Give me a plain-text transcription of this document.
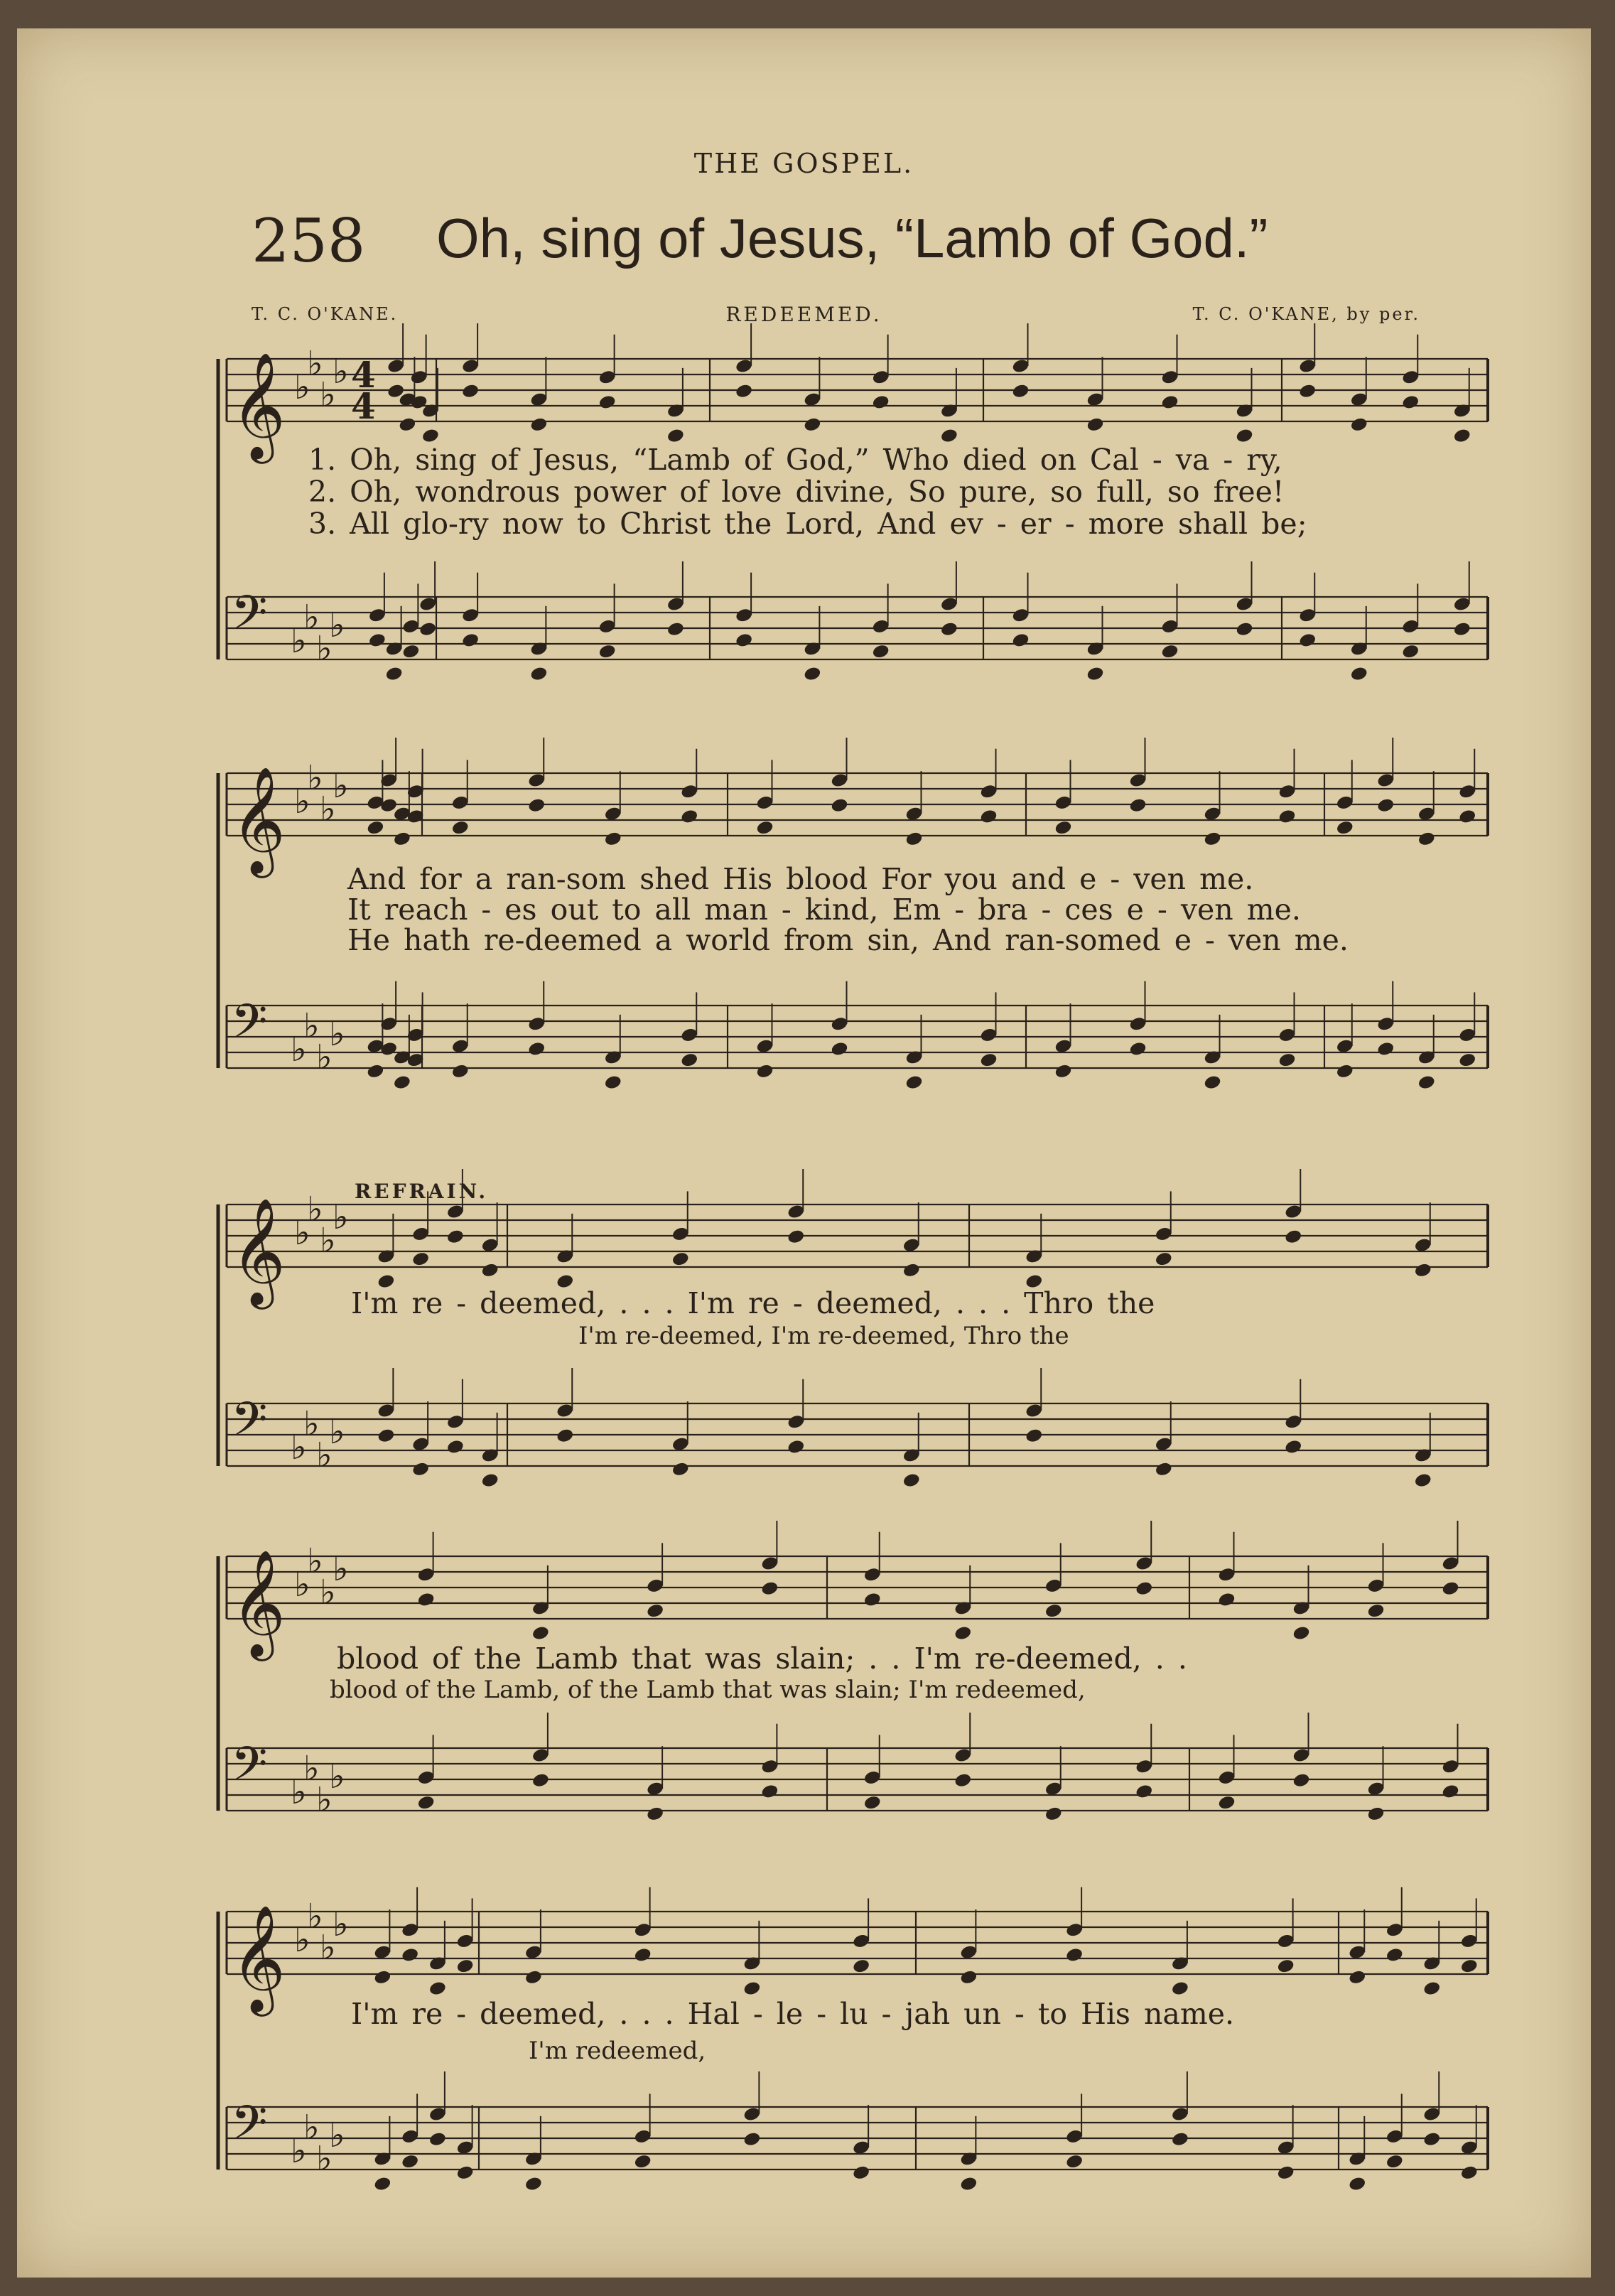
THE GOSPEL.

258 Oh, sing of Jesus, “Lamb of God.”

T. C. O'KANE.	REDEEMED.	T. C. O'KANE, by per.

𝄞 ♭
♭
♭
♭ 4
4
𝄢 ♭
♭
♭
♭
𝄞 ♭
♭
♭
♭
𝄢 ♭
♭
♭
♭
𝄞 ♭
♭
♭
♭
𝄢 ♭
♭
♭
♭
𝄞 ♭
♭
♭
♭
𝄢 ♭
♭
♭
♭
𝄞 ♭
♭
♭
♭
𝄢 ♭
♭
♭
♭

1. Oh, sing of Jesus, “Lamb of God,” Who died on Cal - va - ry,

2. Oh, wondrous power of love divine, So pure, so full, so free!

3. All glo-ry now to Christ the Lord, And ev - er - more shall be;

And for a ran-som shed His blood For you and e - ven me.

It reach - es out to all man - kind, Em - bra - ces e - ven me.

He hath re-deemed a world from sin, And ran-somed e - ven me.

REFRAIN.

I'm re - deemed, . . . I'm re - deemed, . . . Thro the

I'm re-deemed, I'm re-deemed, Thro the

blood of the Lamb that was slain; . . I'm re-deemed, . .

blood of the Lamb, of the Lamb that was slain; I'm redeemed,

I'm re - deemed, . . . Hal - le - lu - jah un - to His name.

I'm redeemed,
